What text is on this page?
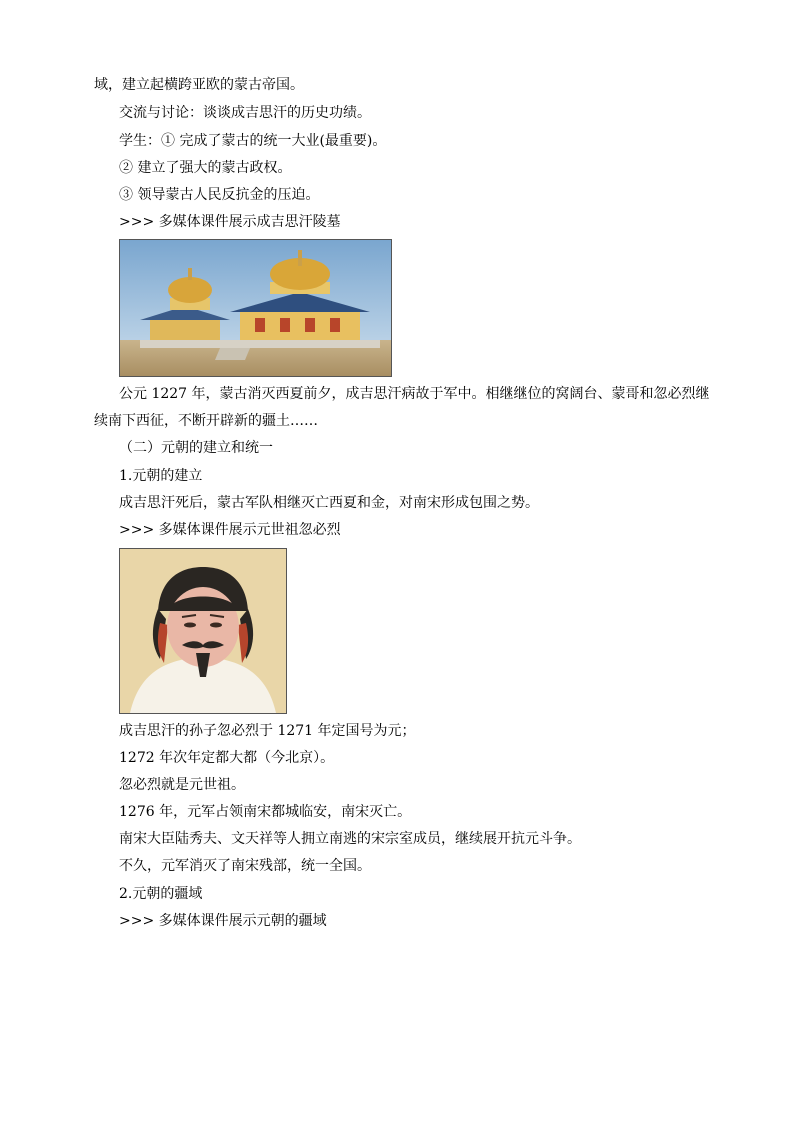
域，建立起横跨亚欧的蒙古帝国。
交流与讨论：谈谈成吉思汗的历史功绩。
学生：① 完成了蒙古的统一大业(最重要)。
② 建立了强大的蒙古政权。
③ 领导蒙古人民反抗金的压迫。
>>> 多媒体课件展示成吉思汗陵墓
公元 1227 年，蒙古消灭西夏前夕，成吉思汗病故于军中。相继继位的窝阔台、蒙哥和忽必烈继
续南下西征，不断开辟新的疆土……
（二）元朝的建立和统一
1.元朝的建立
成吉思汗死后，蒙古军队相继灭亡西夏和金，对南宋形成包围之势。
>>> 多媒体课件展示元世祖忽必烈
成吉思汗的孙子忽必烈于 1271 年定国号为元；
1272 年次年定都大都（今北京）。
忽必烈就是元世祖。
1276 年，元军占领南宋都城临安，南宋灭亡。
南宋大臣陆秀夫、文天祥等人拥立南逃的宋宗室成员，继续展开抗元斗争。
不久，元军消灭了南宋残部，统一全国。
2.元朝的疆域
>>> 多媒体课件展示元朝的疆域
